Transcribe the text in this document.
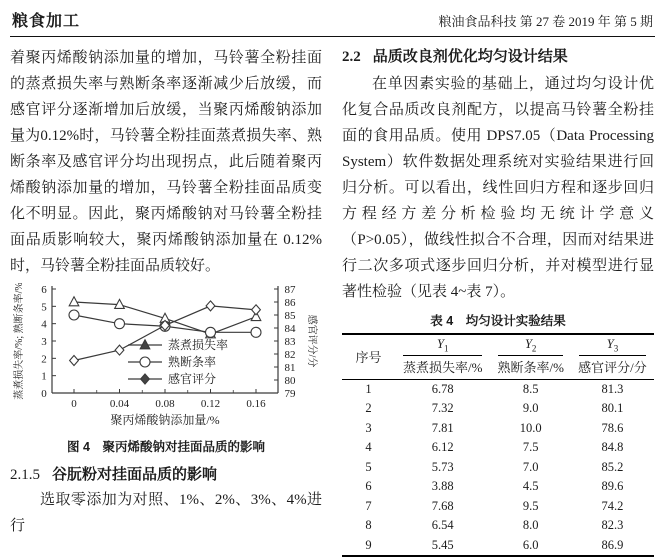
粮食加工	粮油食品科技 第 27 卷 2019 年 第 5 期

着聚丙烯酸钠添加量的增加，马铃薯全粉挂面的蒸煮损失率与熟断条率逐渐减少后放缓，而感官评分逐渐增加后放缓，当聚丙烯酸钠添加量为0.12%时，马铃薯全粉挂面蒸煮损失率、熟断条率及感官评分均出现拐点，此后随着聚丙烯酸钠添加量的增加，马铃薯全粉挂面品质变化不明显。因此，聚丙烯酸钠对马铃薯全粉挂面品质影响较大，聚丙烯酸钠添加量在 0.12%时，马铃薯全粉挂面品质较好。

0
1
2
3
4
5
6
79
80
81
82
83
84
85
86
87
0	0.04 0.08 0.12 0.16
蒸煮损失率
熟断条率
感官评分
蒸煮损失率/%; 熟断条率/%	感官评分/分
聚丙烯酸钠添加量/%
图 4　聚丙烯酸钠对挂面品质的影响
2.1.5 谷朊粉对挂面品质的影响

选取零添加为对照、1%、2%、3%、4%进行

2.2 品质改良剂优化均匀设计结果

在单因素实验的基础上，通过均匀设计优化复合品质改良剂配方，以提高马铃薯全粉挂面的食用品质。使用 DPS7.05（Data Processing System）软件数据处理系统对实验结果进行回归分析。可以看出，线性回归方程和逐步回归方程经方差分析检验均无统计学意义（P>0.05），做线性拟合不合理，因而对结果进行二次多项式逐步回归分析，并对模型进行显著性检验（见表 4~表 7）。

表 4　均匀设计实验结果
序号	$Y_1$	$Y_2$	$Y_3$

	蒸煮损失率/%	熟断条率/%	感官评分/分
1	6.78	8.5	81.3
2	7.32	9.0	80.1
3	7.81	10.0	78.6
4	6.12	7.5	84.8
5	5.73	7.0	85.2
6	3.88	4.5	89.6
7	7.68	9.5	74.2
8	6.54	8.0	82.3
9	5.45	6.0	86.9
